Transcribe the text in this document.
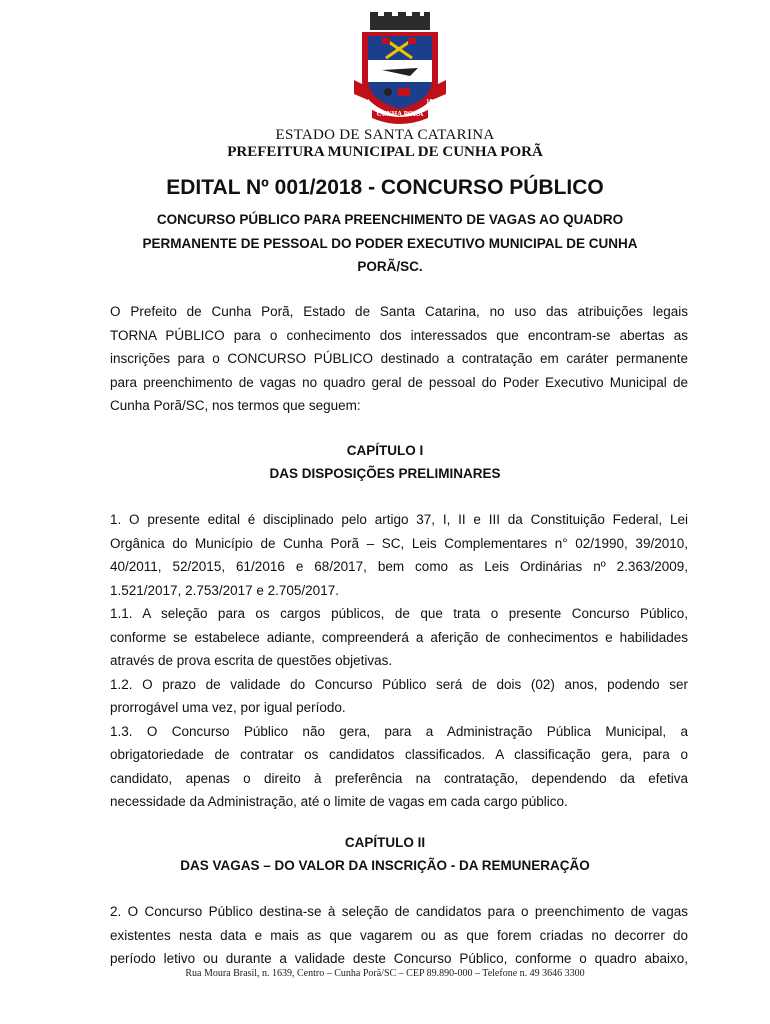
30	1958
CUNHA PORÃ
ESTADO DE SANTA CATARINA
PREFEITURA MUNICIPAL DE CUNHA PORÃ
EDITAL Nº 001/2018 - CONCURSO PÚBLICO
CONCURSO PÚBLICO PARA PREENCHIMENTO DE VAGAS AO QUADRO
PERMANENTE DE PESSOAL DO PODER EXECUTIVO MUNICIPAL DE CUNHA
PORÃ/SC.
O Prefeito de Cunha Porã, Estado de Santa Catarina, no uso das atribuições legais
TORNA PÚBLICO para o conhecimento dos interessados que encontram-se abertas as
inscrições para o CONCURSO PÚBLICO destinado a contratação em caráter permanente
para preenchimento de vagas no quadro geral de pessoal do Poder Executivo Municipal de
Cunha Porã/SC, nos termos que seguem:
CAPÍTULO I
DAS DISPOSIÇÕES PRELIMINARES
1. O presente edital é disciplinado pelo artigo 37, I, II e III da Constituição Federal, Lei
Orgânica do Município de Cunha Porã – SC, Leis Complementares n° 02/1990, 39/2010,
40/2011, 52/2015, 61/2016 e 68/2017, bem como as Leis Ordinárias nº 2.363/2009,
1.521/2017, 2.753/2017 e 2.705/2017.
1.1. A seleção para os cargos públicos, de que trata o presente Concurso Público,
conforme se estabelece adiante, compreenderá a aferição de conhecimentos e habilidades
através de prova escrita de questões objetivas.
1.2. O prazo de validade do Concurso Público será de dois (02) anos, podendo ser
prorrogável uma vez, por igual período.
1.3. O Concurso Público não gera, para a Administração Pública Municipal, a
obrigatoriedade de contratar os candidatos classificados. A classificação gera, para o
candidato, apenas o direito à preferência na contratação, dependendo da efetiva
necessidade da Administração, até o limite de vagas em cada cargo público.
CAPÍTULO II
DAS VAGAS – DO VALOR DA INSCRIÇÃO - DA REMUNERAÇÃO
2. O Concurso Público destina-se à seleção de candidatos para o preenchimento de vagas
existentes nesta data e mais as que vagarem ou as que forem criadas no decorrer do
período letivo ou durante a validade deste Concurso Público, conforme o quadro abaixo,
Rua Moura Brasil, n. 1639, Centro – Cunha Porã/SC – CEP 89.890-000 – Telefone n. 49 3646 3300
